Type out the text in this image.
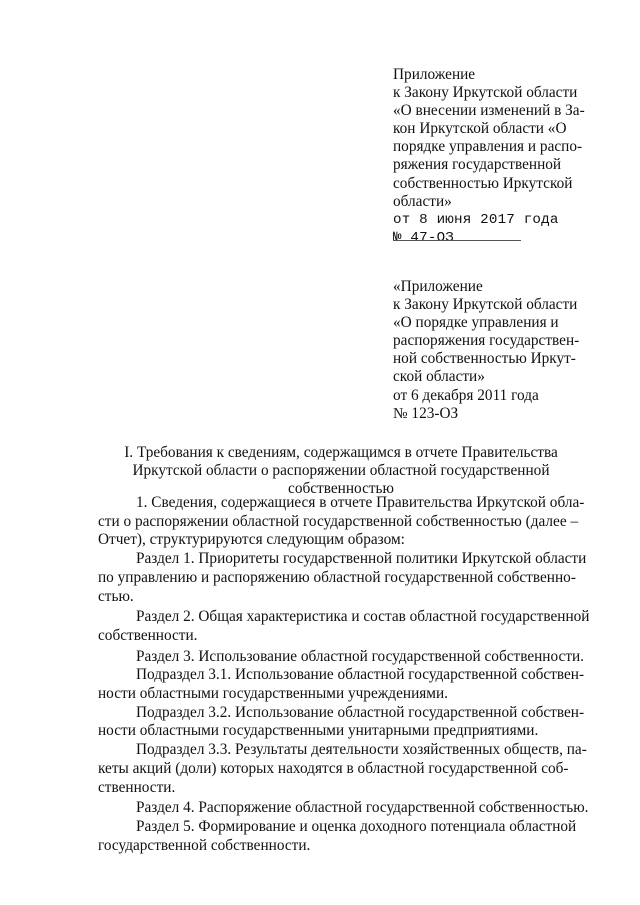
Приложение
к Закону Иркутской области
«О внесении изменений в За-
кон Иркутской области «О
порядке управления и распо-
ряжения государственной
собственностью Иркутской
области»
от 8 июня 2017 года
№ 47-ОЗ
«Приложение
к Закону Иркутской области
«О порядке управления и
распоряжения государствен-
ной собственностью Иркут-
ской области»
от 6 декабря 2011 года
№ 123-ОЗ
I. Требования к сведениям, содержащимся в отчете Правительства
Иркутской области о распоряжении областной государственной
собственностью
1. Сведения, содержащиеся в отчете Правительства Иркутской обла-
сти о распоряжении областной государственной собственностью (далее –
Отчет), структурируются следующим образом:
Раздел 1. Приоритеты государственной политики Иркутской области
по управлению и распоряжению областной государственной собственно-
стью.
Раздел 2. Общая характеристика и состав областной государственной
собственности.
Раздел 3. Использование областной государственной собственности.
Подраздел 3.1. Использование областной государственной собствен-
ности областными государственными учреждениями.
Подраздел 3.2. Использование областной государственной собствен-
ности областными государственными унитарными предприятиями.
Подраздел 3.3. Результаты деятельности хозяйственных обществ, па-
кеты акций (доли) которых находятся в областной государственной соб-
ственности.
Раздел 4. Распоряжение областной государственной собственностью.
Раздел 5. Формирование и оценка доходного потенциала областной
государственной собственности.
